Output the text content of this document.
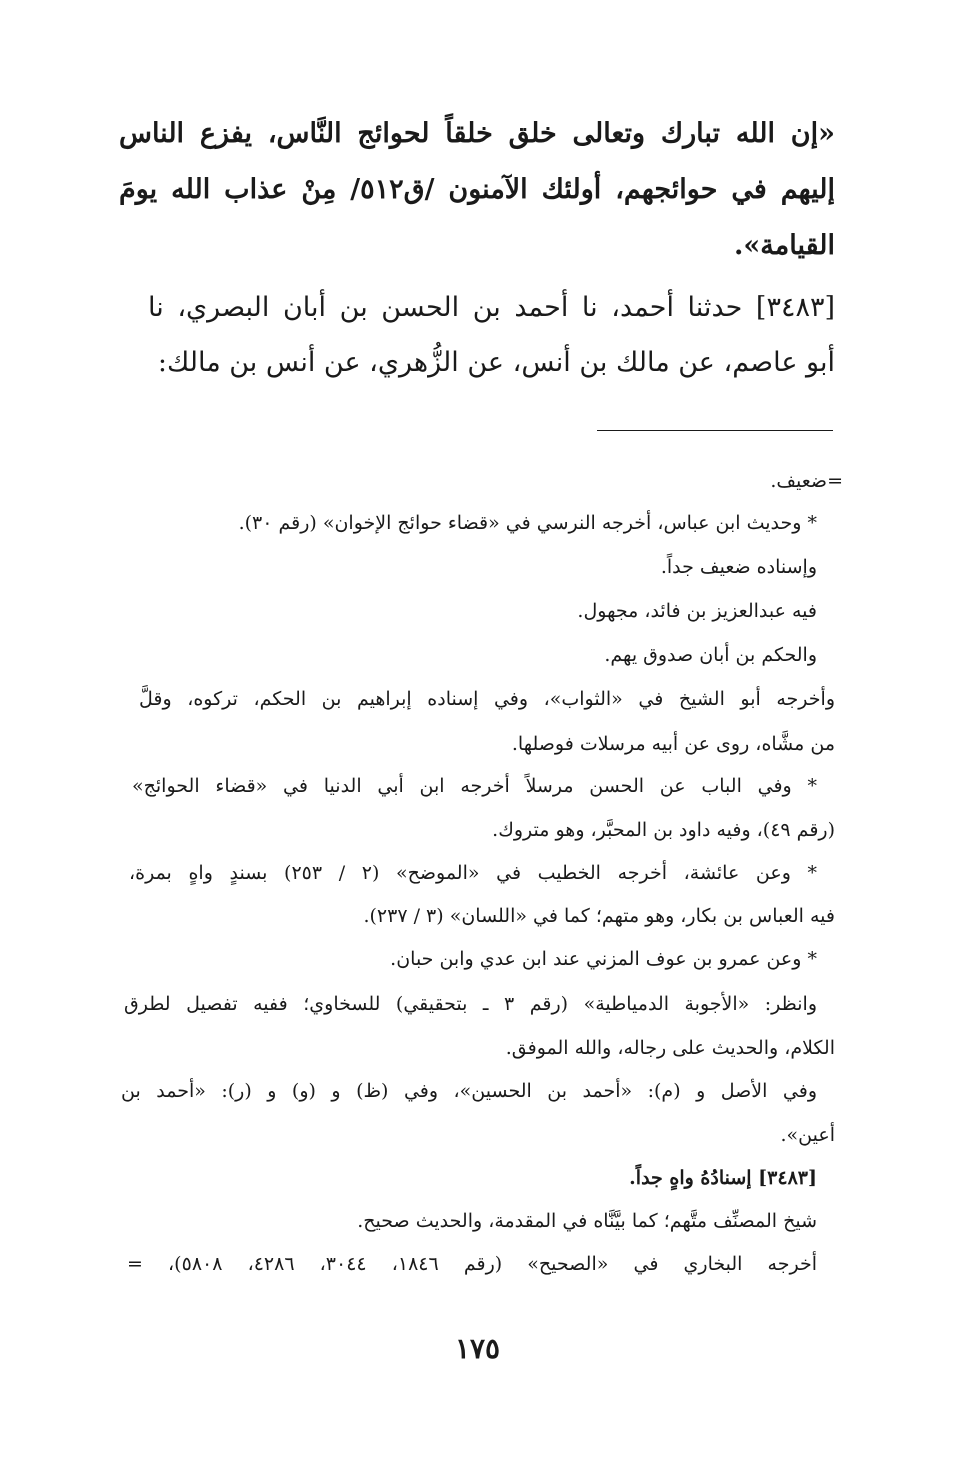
«إن الله تبارك وتعالى خلق خلقاً لحوائج النَّاس، يفزع الناس
إليهم في حوائجهم، أولئك الآمنون /ق٥١٢/ مِنْ عذاب الله يومَ
القيامة».
[٣٤٨٣] حدثنا أحمد، نا أحمد بن الحسن بن أبان البصري، نا
أبو عاصم، عن مالك بن أنس، عن الزُّهري، عن أنس بن مالك:
=ضعيف.
* وحديث ابن عباس، أخرجه النرسي في «قضاء حوائج الإخوان» (رقم ٣٠).
وإسناده ضعيف جداً.
فيه عبدالعزيز بن فائد، مجهول.
والحكم بن أبان صدوق يهم.
وأخرجه أبو الشيخ في «الثواب»، وفي إسناده إبراهيم بن الحكم، تركوه، وقلَّ
من مشَّاه، روى عن أبيه مرسلات فوصلها.
* وفي الباب عن الحسن مرسلاً أخرجه ابن أبي الدنيا في «قضاء الحوائج»
(رقم ٤٩)، وفيه داود بن المحبَّر، وهو متروك.
* وعن عائشة، أخرجه الخطيب في «الموضح» (٢ / ٢٥٣) بسندٍ واهٍ بمرة،
فيه العباس بن بكار، وهو متهم؛ كما في «اللسان» (٣ / ٢٣٧).
* وعن عمرو بن عوف المزني عند ابن عدي وابن حبان.
وانظر: «الأجوبة الدمياطية» (رقم ٣ ـ بتحقيقي) للسخاوي؛ ففيه تفصيل لطرق
الكلام، والحديث على رجاله، والله الموفق.
وفي الأصل و (م): «أحمد بن الحسين»، وفي (ظ) و (و) و (ر): «أحمد بن
أعين».
[٣٤٨٣] إسنادُهُ واهٍ جداً.
شيخ المصنِّف متَّهم؛ كما بيَّنَّاه في المقدمة، والحديث صحيح.
أخرجه البخاري في «الصحيح» (رقم ١٨٤٦، ٣٠٤٤، ٤٢٨٦، ٥٨٠٨)، =
١٧٥
